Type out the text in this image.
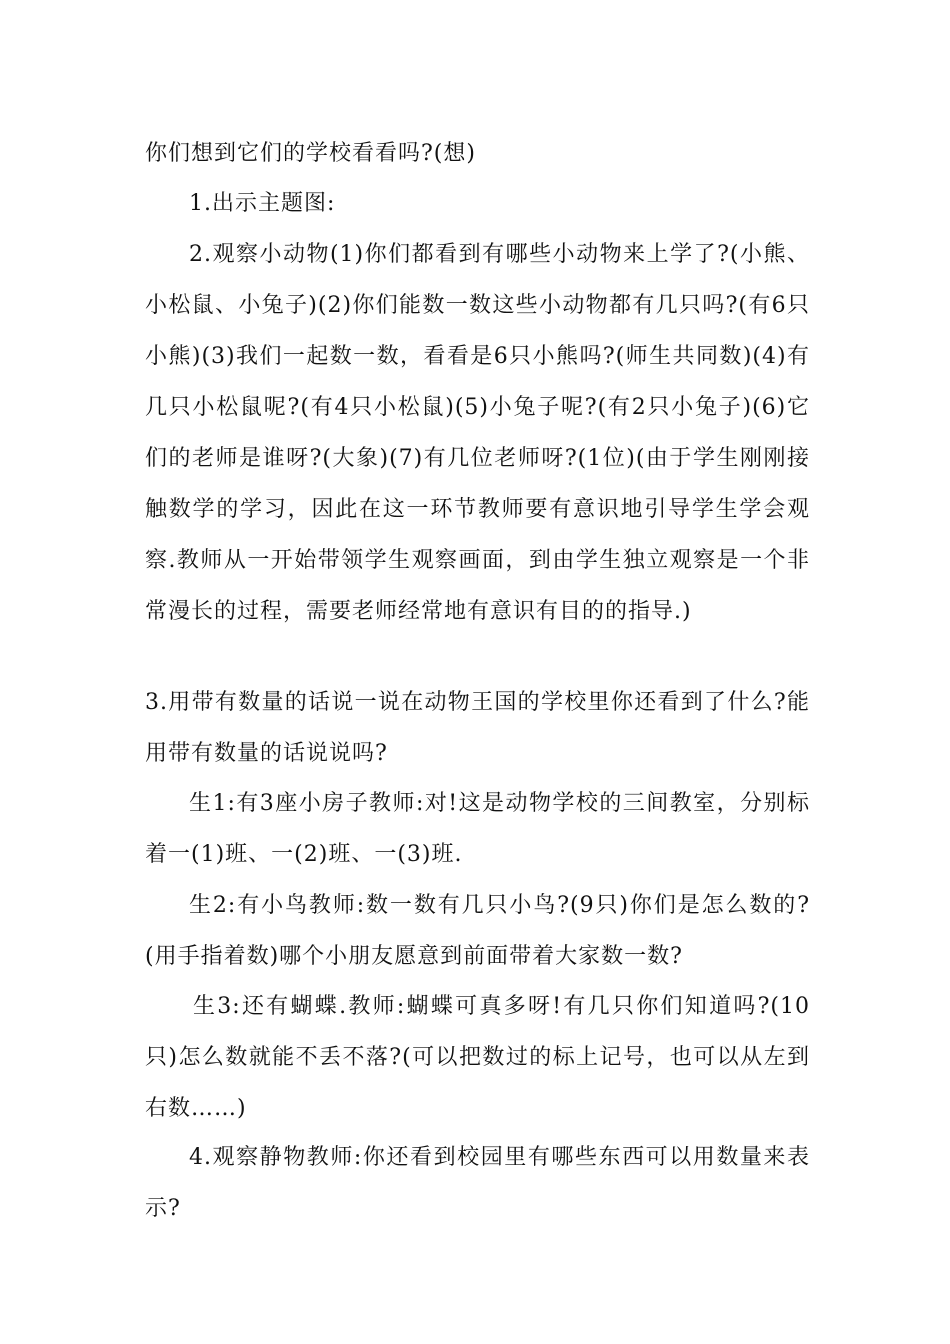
你们想到它们的学校看看吗?(想)

1.出示主题图:

2.观察小动物(1)你们都看到有哪些小动物来上学了?(小熊、小松鼠、小兔子)(2)你们能数一数这些小动物都有几只吗?(有6只小熊)(3)我们一起数一数，看看是6只小熊吗?(师生共同数)(4)有几只小松鼠呢?(有4只小松鼠)(5)小兔子呢?(有2只小兔子)(6)它们的老师是谁呀?(大象)(7)有几位老师呀?(1位)(由于学生刚刚接触数学的学习，因此在这一环节教师要有意识地引导学生学会观察.教师从一开始带领学生观察画面，到由学生独立观察是一个非常漫长的过程，需要老师经常地有意识有目的的指导.)

3.用带有数量的话说一说在动物王国的学校里你还看到了什么?能用带有数量的话说说吗?

生1:有3座小房子教师:对!这是动物学校的三间教室，分别标着一(1)班、一(2)班、一(3)班.

生2:有小鸟教师:数一数有几只小鸟?(9只)你们是怎么数的?(用手指着数)哪个小朋友愿意到前面带着大家数一数?

生3:还有蝴蝶.教师:蝴蝶可真多呀!有几只你们知道吗?(10只)怎么数就能不丢不落?(可以把数过的标上记号，也可以从左到右数……)

4.观察静物教师:你还看到校园里有哪些东西可以用数量来表示?
